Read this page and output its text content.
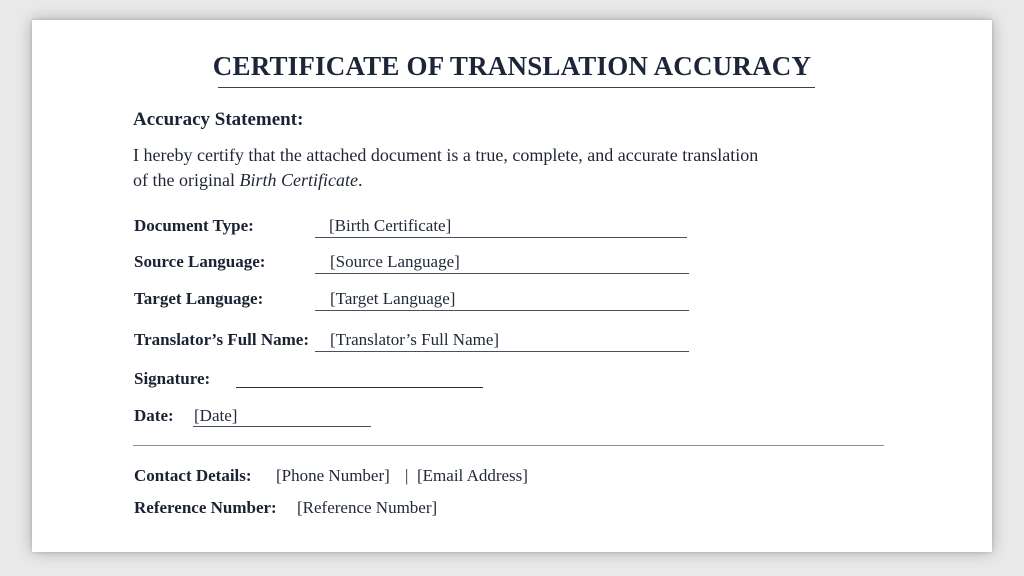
CERTIFICATE OF TRANSLATION ACCURACY
Accuracy Statement:
I hereby certify that the attached document is a true, complete, and accurate translation
of the original Birth Certificate.
Document Type:	[Birth Certificate]
Source Language:	[Source Language]
Target Language:	[Target Language]
Translator’s Full Name: [Translator’s Full Name]
Signature:
Date: [Date]
Contact Details: [Phone Number] | [Email Address]
Reference Number: [Reference Number]
